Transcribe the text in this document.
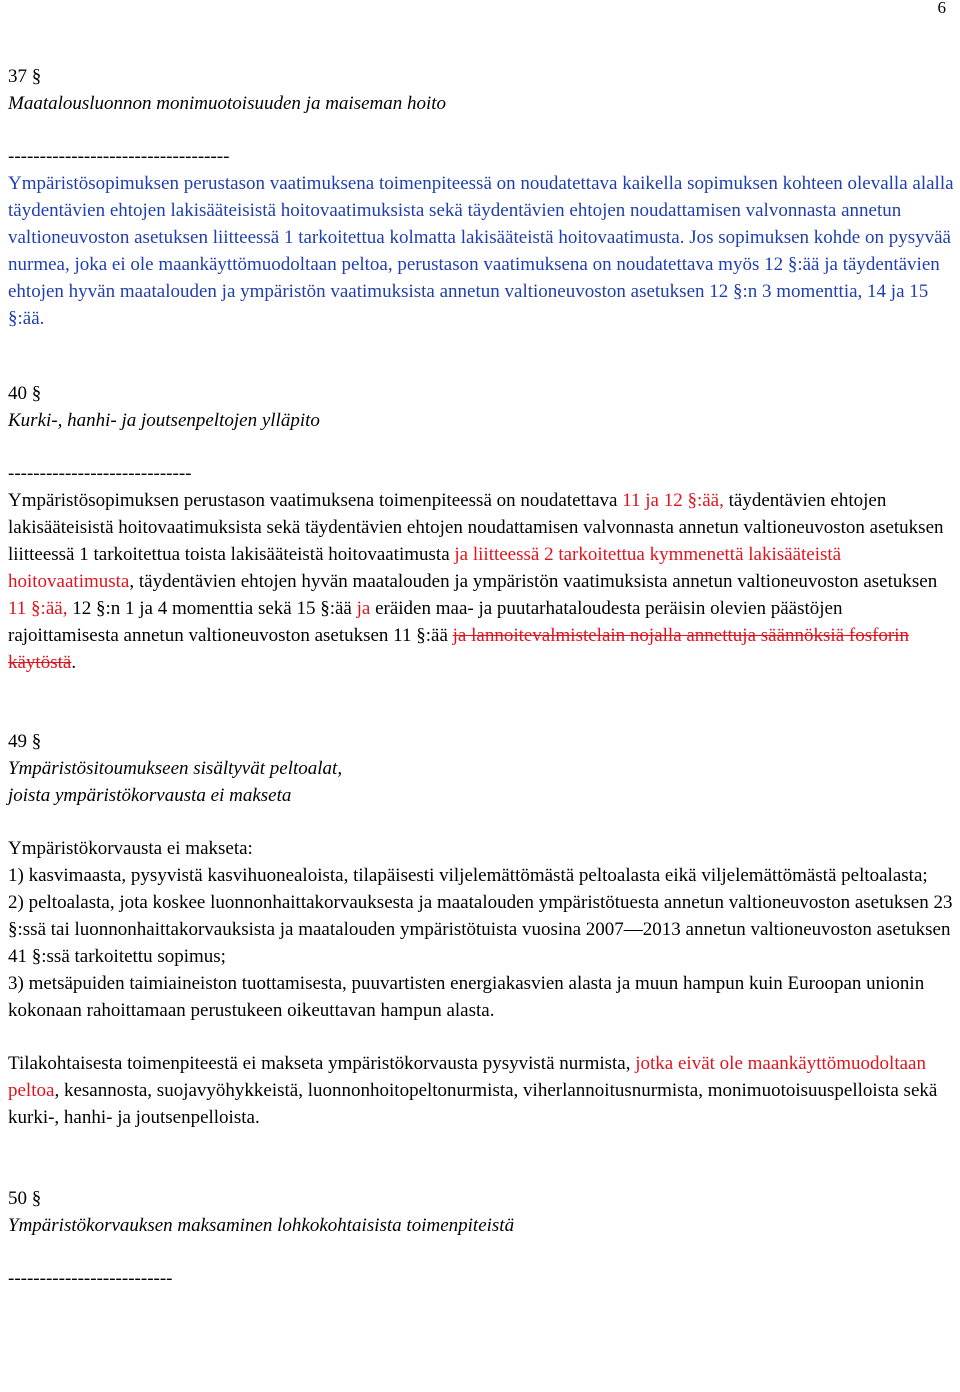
6

37 §

Maatalousluonnon monimuotoisuuden ja maiseman hoito

-----------------------------------

Ympäristösopimuksen perustason vaatimuksena toimenpiteessä on noudatettava kaikella sopimuksen kohteen olevalla alalla täydentävien ehtojen lakisääteisistä hoitovaatimuksista sekä täydentävien ehtojen noudattamisen valvonnasta annetun valtioneuvoston asetuksen liitteessä 1 tarkoitettua kolmatta lakisääteistä hoitovaatimusta. Jos sopimuksen kohde on pysyvää nurmea, joka ei ole maankäyttömuodoltaan peltoa, perustason vaatimuksena on noudatettava myös 12 §:ää ja täydentävien ehtojen hyvän maatalouden ja ympäristön vaatimuksista annetun valtioneuvoston asetuksen 12 §:n 3 momenttia, 14 ja 15 §:ää.

40 §

Kurki-, hanhi- ja joutsenpeltojen ylläpito

-----------------------------

Ympäristösopimuksen perustason vaatimuksena toimenpiteessä on noudatettava 11 ja 12 §:ää, täydentävien ehtojen lakisääteisistä hoitovaatimuksista sekä täydentävien ehtojen noudattamisen valvonnasta annetun valtioneuvoston asetuksen liitteessä 1 tarkoitettua toista lakisääteistä hoitovaatimusta ja liitteessä 2 tarkoitettua kymmenettä lakisääteistä hoitovaatimusta, täydentävien ehtojen hyvän maatalouden ja ympäristön vaatimuksista annetun valtioneuvoston asetuksen 11 §:ää, 12 §:n 1 ja 4 momenttia sekä 15 §:ää ja eräiden maa- ja puutarhataloudesta peräisin olevien päästöjen rajoittamisesta annetun valtioneuvoston asetuksen 11 §:ää ja lannoitevalmistelain nojalla annettuja säännöksiä fosforin käytöstä.

49 §

Ympäristösitoumukseen sisältyvät peltoalat,

joista ympäristökorvausta ei makseta

Ympäristökorvausta ei makseta:

1) kasvimaasta, pysyvistä kasvihuonealoista, tilapäisesti viljelemättömästä peltoalasta eikä viljelemättömästä peltoalasta;

2) peltoalasta, jota koskee luonnonhaittakorvauksesta ja maatalouden ympäristötuesta annetun valtioneuvoston asetuksen 23 §:ssä tai luonnonhaittakorvauksista ja maatalouden ympäristötuista vuosina 2007—2013 annetun valtioneuvoston asetuksen 41 §:ssä tarkoitettu sopimus;

3) metsäpuiden taimiaineiston tuottamisesta, puuvartisten energiakasvien alasta ja muun hampun kuin Euroopan unionin kokonaan rahoittamaan perustukeen oikeuttavan hampun alasta.

Tilakohtaisesta toimenpiteestä ei makseta ympäristökorvausta pysyvistä nurmista, jotka eivät ole maankäyttömuodoltaan peltoa, kesannosta, suojavyöhykkeistä, luonnonhoitopeltonurmista, viherlannoitusnurmista, monimuotoisuuspelloista sekä kurki-, hanhi- ja joutsenpelloista.

50 §

Ympäristökorvauksen maksaminen lohkokohtaisista toimenpiteistä

--------------------------
